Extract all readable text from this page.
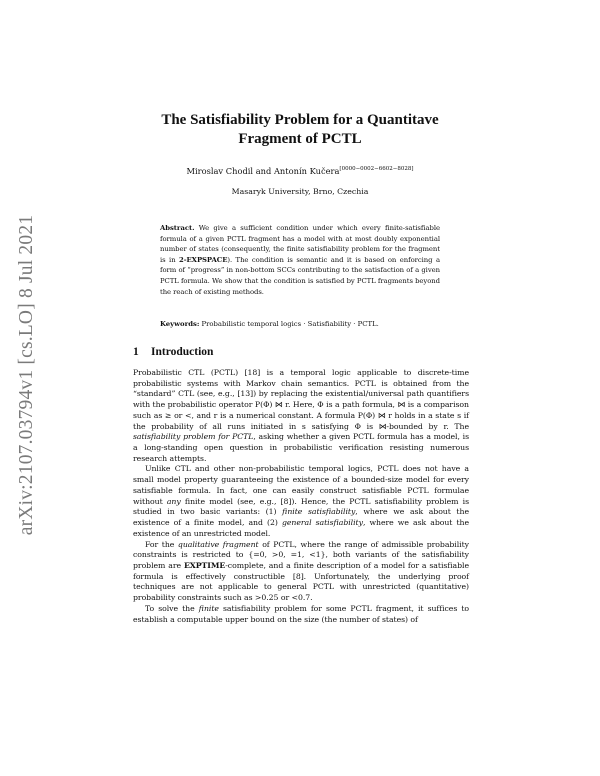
arXiv:2107.03794v1 [cs.LO] 8 Jul 2021
The Satisfiability Problem for a Quantitave
Fragment of PCTL
Miroslav Chodil and Antonín Kučera[0000−0002−6602−8028]
Masaryk University, Brno, Czechia
Abstract. We give a sufficient condition under which every finite-satisfiable formula of a given PCTL fragment has a model with at most doubly exponential number of states (consequently, the finite satisfiability problem for the fragment is in 2-EXPSPACE). The condition is semantic and it is based on enforcing a form of “progress” in non-bottom SCCs contributing to the satisfaction of a given PCTL formula. We show that the condition is satisfied by PCTL fragments beyond the reach of existing methods.
Keywords: Probabilistic temporal logics · Satisfiability · PCTL.
1 Introduction

Probabilistic CTL (PCTL) [18] is a temporal logic applicable to discrete-time probabilistic systems with Markov chain semantics. PCTL is obtained from the “standard” CTL (see, e.g., [13]) by replacing the existential/universal path quantifiers with the probabilistic operator P(Φ) ⋈ r. Here, Φ is a path formula, ⋈ is a comparison such as ≥ or <, and r is a numerical constant. A formula P(Φ) ⋈ r holds in a state s if the probability of all runs initiated in s satisfying Φ is ⋈-bounded by r. The satisfiability problem for PCTL, asking whether a given PCTL formula has a model, is a long-standing open question in probabilistic verification resisting numerous research attempts.

Unlike CTL and other non-probabilistic temporal logics, PCTL does not have a small model property guaranteeing the existence of a bounded-size model for every satisfiable formula. In fact, one can easily construct satisfiable PCTL formulae without any finite model (see, e.g., [8]). Hence, the PCTL satisfiability problem is studied in two basic variants: (1) finite satisfiability, where we ask about the existence of a finite model, and (2) general satisfiability, where we ask about the existence of an unrestricted model.

For the qualitative fragment of PCTL, where the range of admissible probability constraints is restricted to {=0, >0, =1, <1}, both variants of the satisfiability problem are EXPTIME-complete, and a finite description of a model for a satisfiable formula is effectively constructible [8]. Unfortunately, the underlying proof techniques are not applicable to general PCTL with unrestricted (quantitative) probability constraints such as >0.25 or <0.7.

To solve the finite satisfiability problem for some PCTL fragment, it suffices to establish a computable upper bound on the size (the number of states) of
